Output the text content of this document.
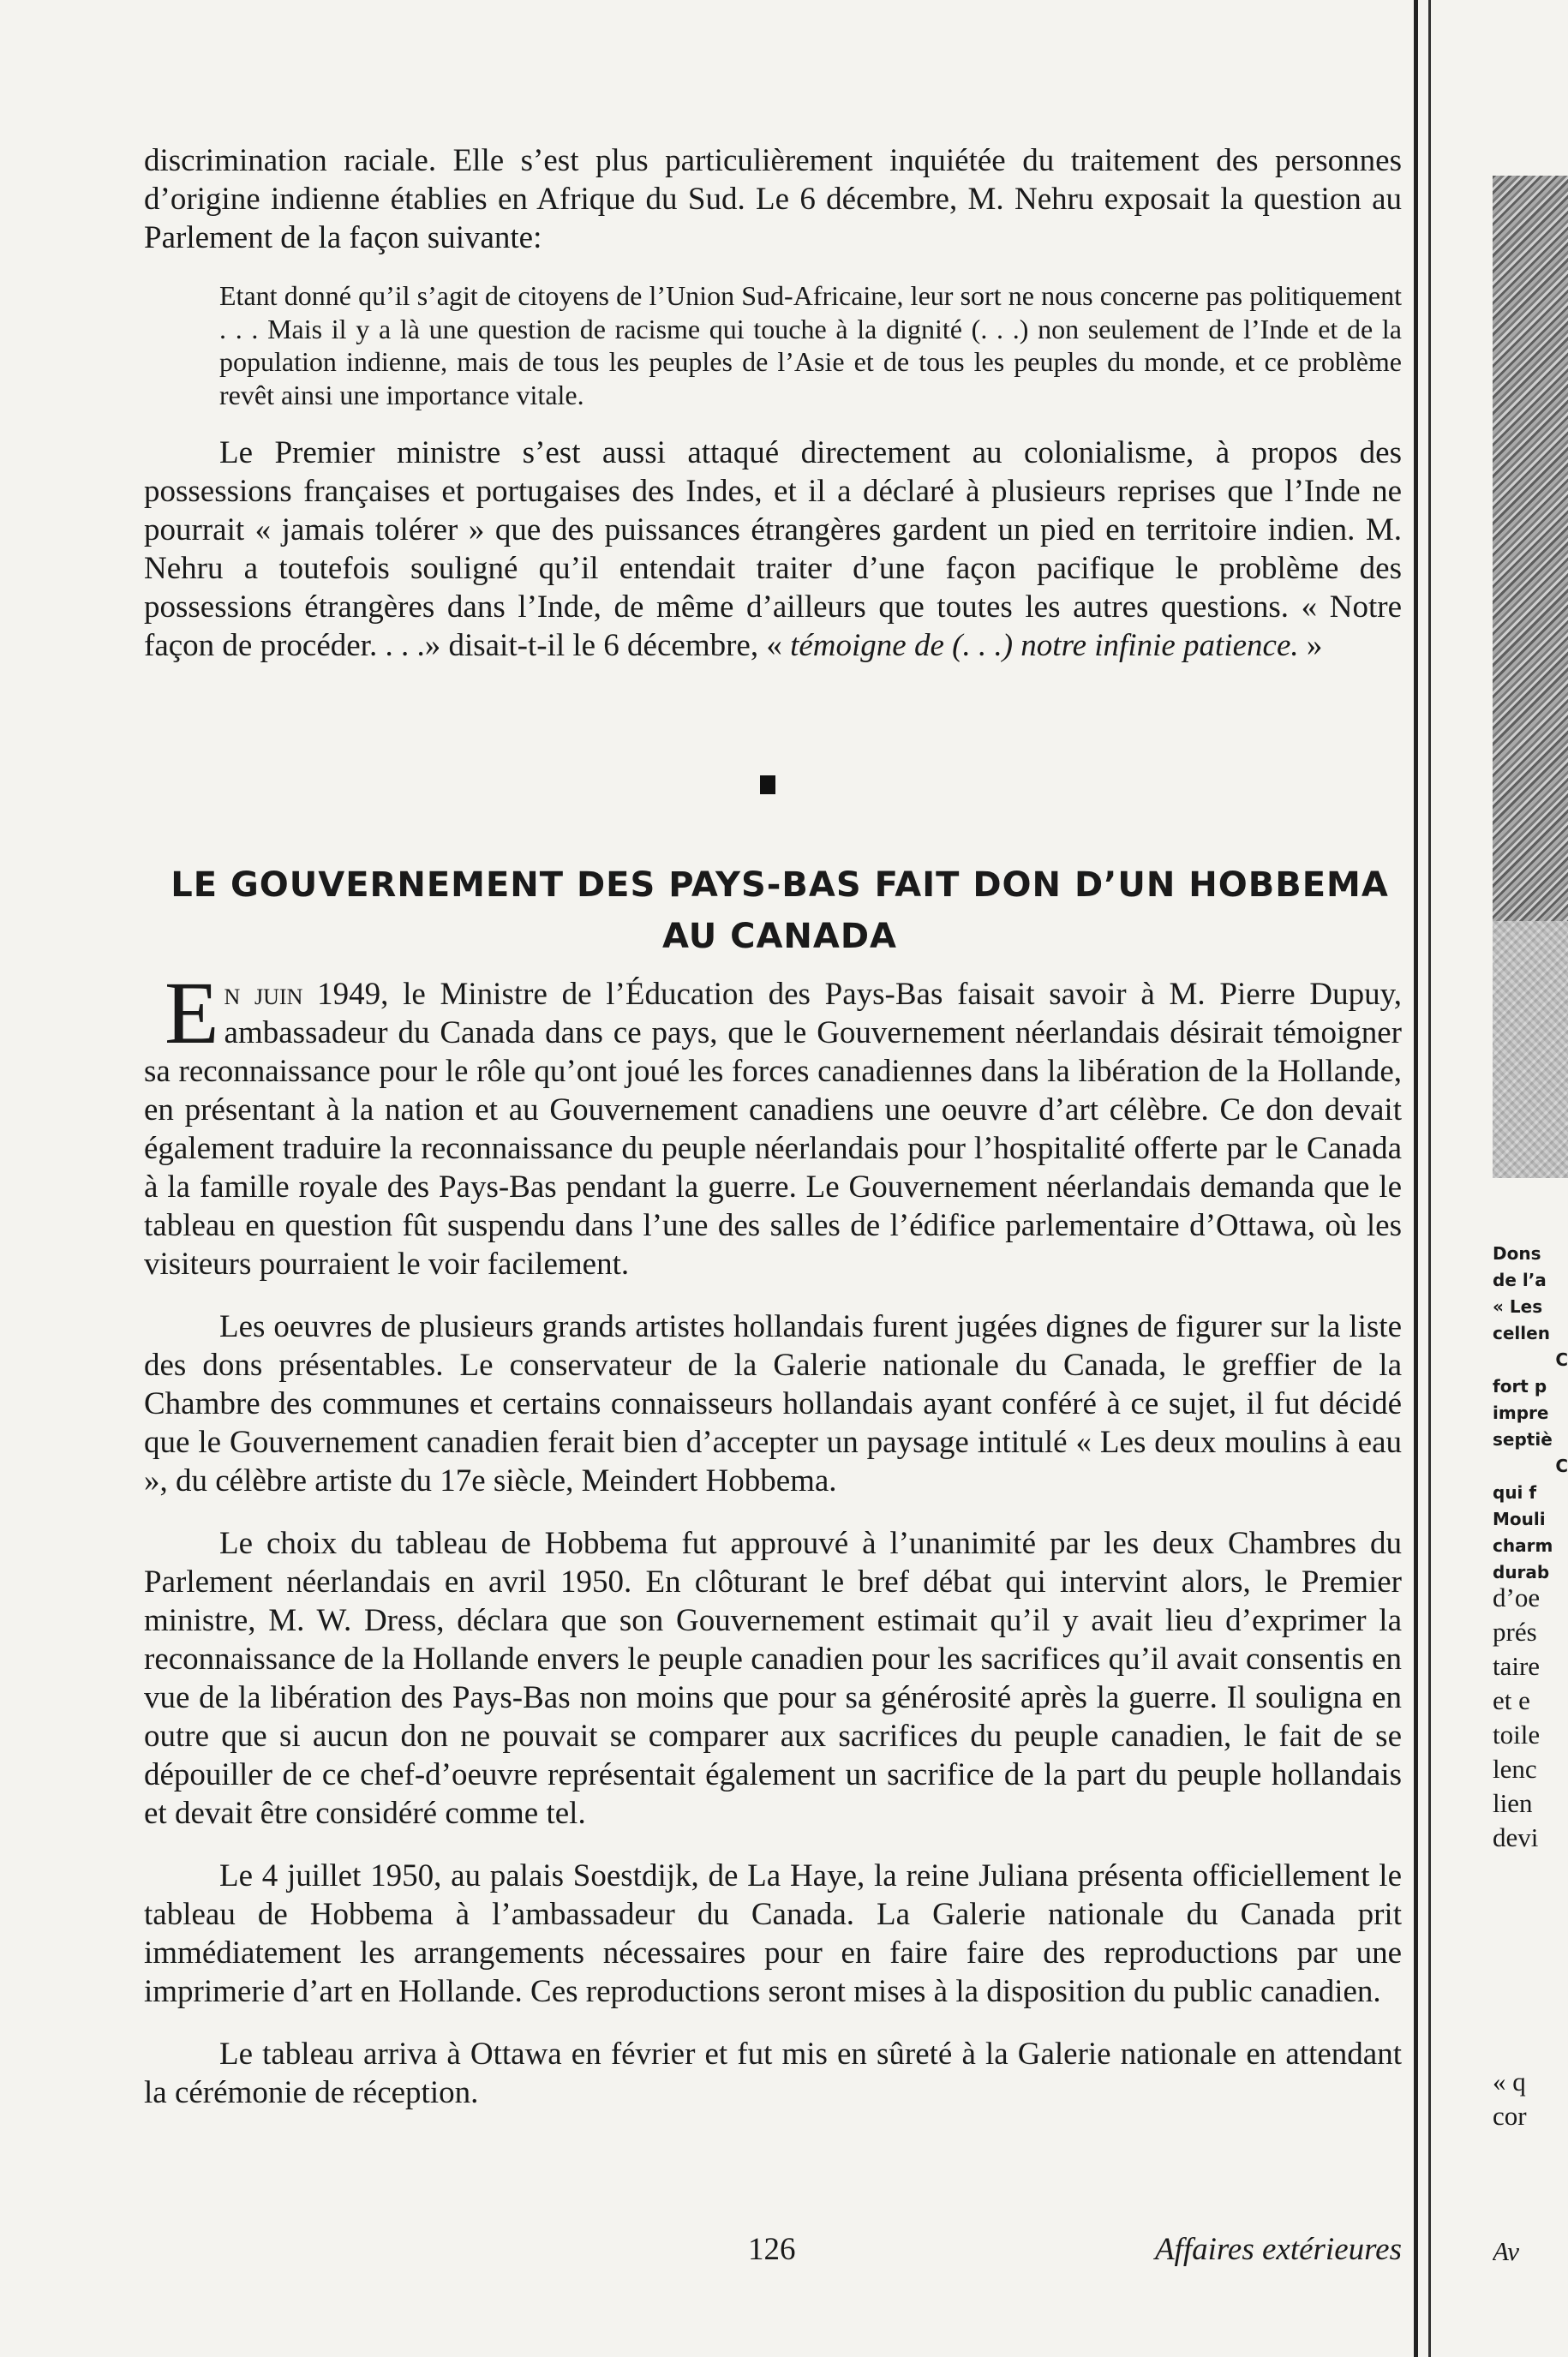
discrimination raciale. Elle s’est plus particulièrement inquiétée du traitement des personnes d’origine indienne établies en Afrique du Sud. Le 6 décembre, M. Nehru exposait la question au Parlement de la façon suivante:

Etant donné qu’il s’agit de citoyens de l’Union Sud-Africaine, leur sort ne nous concerne pas politiquement . . . Mais il y a là une question de racisme qui touche à la dignité (. . .) non seulement de l’Inde et de la population indienne, mais de tous les peuples de l’Asie et de tous les peuples du monde, et ce problème revêt ainsi une importance vitale.

Le Premier ministre s’est aussi attaqué directement au colonialisme, à propos des possessions françaises et portugaises des Indes, et il a déclaré à plusieurs reprises que l’Inde ne pourrait « jamais tolérer » que des puissances étrangères gardent un pied en territoire indien. M. Nehru a toutefois souligné qu’il entendait traiter d’une façon pacifique le problème des possessions étrangères dans l’Inde, de même d’ailleurs que toutes les autres questions. « Notre façon de procéder. . . .» disait-t-il le 6 décembre, « témoigne de (. . .) notre infinie patience. »

LE GOUVERNEMENT DES PAYS-BAS FAIT DON D’UN HOBBEMA AU CANADA

En juin 1949, le Ministre de l’Éducation des Pays-Bas faisait savoir à M. Pierre Dupuy, ambassadeur du Canada dans ce pays, que le Gouvernement néerlandais désirait témoigner sa reconnaissance pour le rôle qu’ont joué les forces canadiennes dans la libération de la Hollande, en présentant à la nation et au Gouvernement canadiens une oeuvre d’art célèbre. Ce don devait également traduire la reconnaissance du peuple néerlandais pour l’hospitalité offerte par le Canada à la famille royale des Pays-Bas pendant la guerre. Le Gouvernement néerlandais demanda que le tableau en question fût suspendu dans l’une des salles de l’édifice parlementaire d’Ottawa, où les visiteurs pourraient le voir facilement.

Les oeuvres de plusieurs grands artistes hollandais furent jugées dignes de figurer sur la liste des dons présentables. Le conservateur de la Galerie nationale du Canada, le greffier de la Chambre des communes et certains connaisseurs hollandais ayant conféré à ce sujet, il fut décidé que le Gouvernement canadien ferait bien d’accepter un paysage intitulé « Les deux moulins à eau », du célèbre artiste du 17e siècle, Meindert Hobbema.

Le choix du tableau de Hobbema fut approuvé à l’unanimité par les deux Chambres du Parlement néerlandais en avril 1950. En clôturant le bref débat qui intervint alors, le Premier ministre, M. W. Dress, déclara que son Gouvernement estimait qu’il y avait lieu d’exprimer la reconnaissance de la Hollande envers le peuple canadien pour les sacrifices qu’il avait consentis en vue de la libération des Pays-Bas non moins que pour sa générosité après la guerre. Il souligna en outre que si aucun don ne pouvait se comparer aux sacrifices du peuple canadien, le fait de se dépouiller de ce chef-d’oeuvre représentait également un sacrifice de la part du peuple hollandais et devait être considéré comme tel.

Le 4 juillet 1950, au palais Soestdijk, de La Haye, la reine Juliana présenta officiellement le tableau de Hobbema à l’ambassadeur du Canada. La Galerie nationale du Canada prit immédiatement les arrangements nécessaires pour en faire faire des reproductions par une imprimerie d’art en Hollande. Ces reproductions seront mises à la disposition du public canadien.

Le tableau arriva à Ottawa en février et fut mis en sûreté à la Galerie nationale en attendant la cérémonie de réception.

126	Affaires extérieures
Dons
de l’a
« Les
cellen
C
fort p
impre
septiè
C
qui f
Mouli
charm
durab
d’oe
prés
taire
et e
toile
lenc
lien
devi
« q
cor
Av
